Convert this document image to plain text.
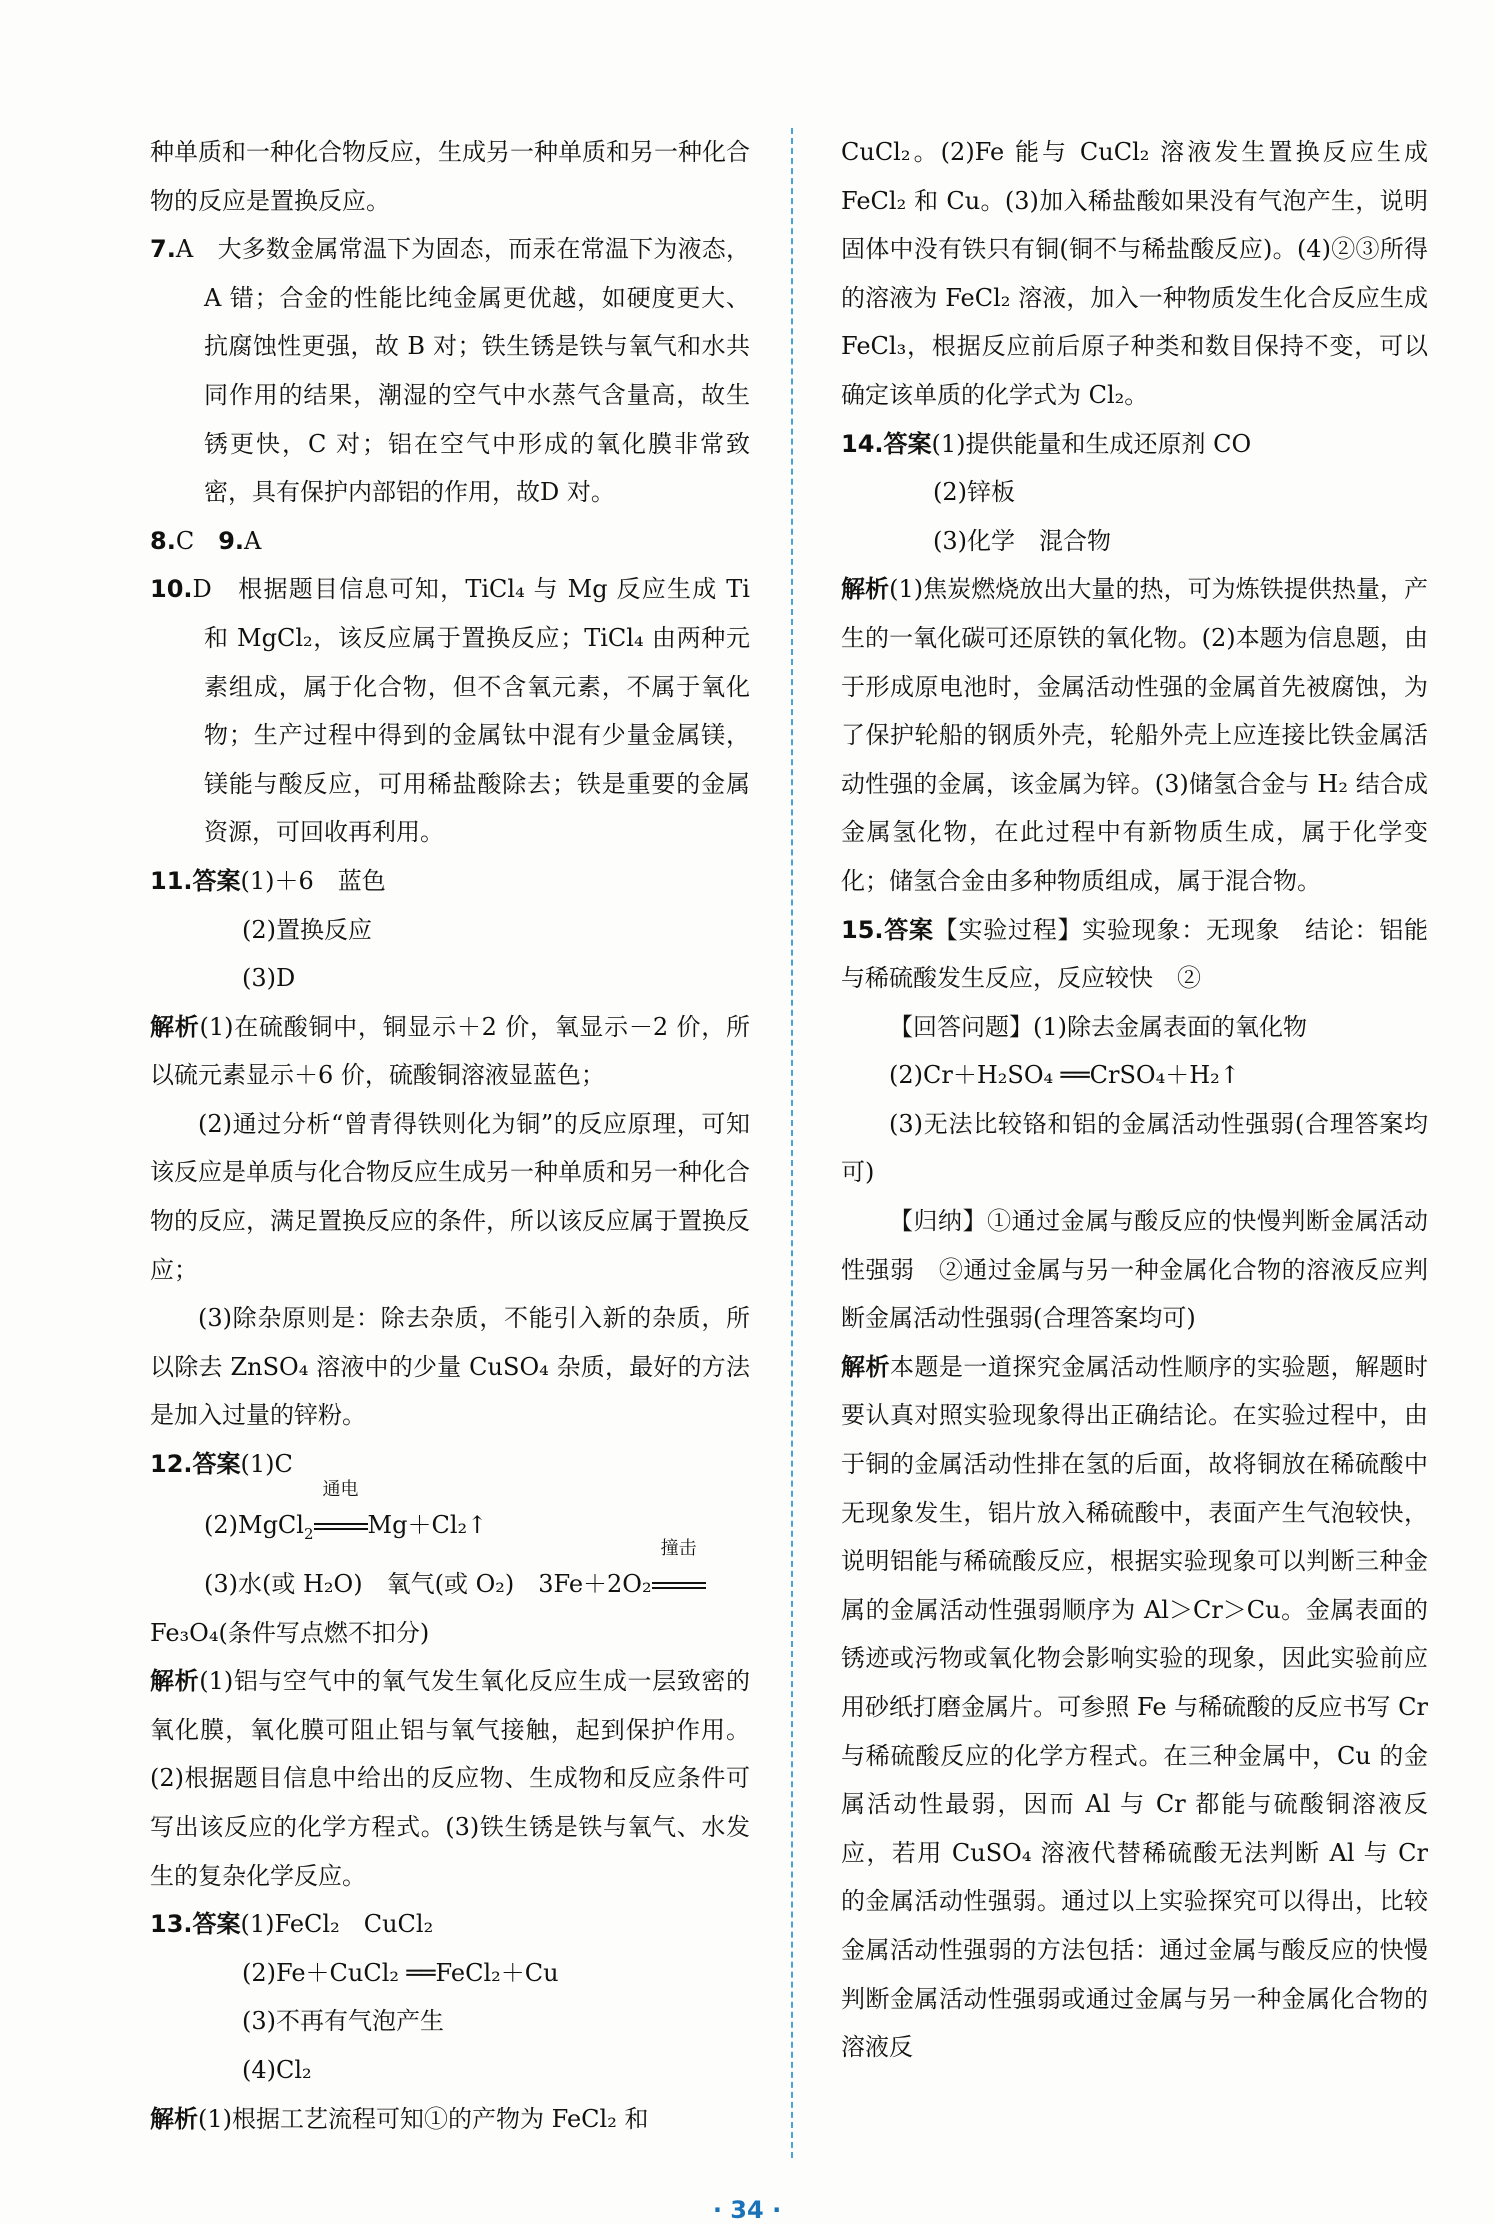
种单质和一种化合物反应，生成另一种单质和另一种化合物的反应是置换反应。

7.A　大多数金属常温下为固态，而汞在常温下为液态，A 错；合金的性能比纯金属更优越，如硬度更大、抗腐蚀性更强，故 B 对；铁生锈是铁与氧气和水共同作用的结果，潮湿的空气中水蒸气含量高，故生锈更快，C 对；铝在空气中形成的氧化膜非常致密，具有保护内部铝的作用，故D 对。

8.C　 9.A

10.D　根据题目信息可知，TiCl₄ 与 Mg 反应生成 Ti 和 MgCl₂，该反应属于置换反应；TiCl₄ 由两种元素组成，属于化合物，但不含氧元素，不属于氧化物；生产过程中得到的金属钛中混有少量金属镁，镁能与酸反应，可用稀盐酸除去；铁是重要的金属资源，可回收再利用。

11.答案(1)＋6　蓝色

(2)置换反应

(3)D

解析(1)在硫酸铜中，铜显示＋2 价，氧显示－2 价，所以硫元素显示＋6 价，硫酸铜溶液显蓝色；

(2)通过分析“曾青得铁则化为铜”的反应原理，可知该反应是单质与化合物反应生成另一种单质和另一种化合物的反应，满足置换反应的条件，所以该反应属于置换反应；

(3)除杂原则是：除去杂质，不能引入新的杂质，所以除去 ZnSO₄ 溶液中的少量 CuSO₄ 杂质，最好的方法是加入过量的锌粉。

12.答案(1)C

(2)MgCl$_2$
通电
Mg＋Cl₂↑

(3)水(或 H₂O)　氧气(或 O₂)　3Fe＋2O₂
撞击

Fe₃O₄(条件写点燃不扣分)

解析(1)铝与空气中的氧气发生氧化反应生成一层致密的氧化膜，氧化膜可阻止铝与氧气接触，起到保护作用。(2)根据题目信息中给出的反应物、生成物和反应条件可写出该反应的化学方程式。(3)铁生锈是铁与氧气、水发生的复杂化学反应。

13.答案(1)FeCl₂　CuCl₂

(2)Fe＋CuCl₂ ══FeCl₂＋Cu

(3)不再有气泡产生

(4)Cl₂

解析(1)根据工艺流程可知①的产物为 FeCl₂ 和

CuCl₂。(2)Fe 能与 CuCl₂ 溶液发生置换反应生成 FeCl₂ 和 Cu。(3)加入稀盐酸如果没有气泡产生，说明固体中没有铁只有铜(铜不与稀盐酸反应)。(4)②③所得的溶液为 FeCl₂ 溶液，加入一种物质发生化合反应生成 FeCl₃，根据反应前后原子种类和数目保持不变，可以确定该单质的化学式为 Cl₂。

14.答案(1)提供能量和生成还原剂 CO

(2)锌板

(3)化学　混合物

解析(1)焦炭燃烧放出大量的热，可为炼铁提供热量，产生的一氧化碳可还原铁的氧化物。(2)本题为信息题，由于形成原电池时，金属活动性强的金属首先被腐蚀，为了保护轮船的钢质外壳，轮船外壳上应连接比铁金属活动性强的金属，该金属为锌。(3)储氢合金与 H₂ 结合成金属氢化物，在此过程中有新物质生成，属于化学变化；储氢合金由多种物质组成，属于混合物。

15.答案【实验过程】实验现象：无现象　结论：铝能与稀硫酸发生反应，反应较快　②

【回答问题】(1)除去金属表面的氧化物

(2)Cr＋H₂SO₄ ══CrSO₄＋H₂↑

(3)无法比较铬和铝的金属活动性强弱(合理答案均可)

【归纳】①通过金属与酸反应的快慢判断金属活动性强弱　②通过金属与另一种金属化合物的溶液反应判断金属活动性强弱(合理答案均可)

解析本题是一道探究金属活动性顺序的实验题，解题时要认真对照实验现象得出正确结论。在实验过程中，由于铜的金属活动性排在氢的后面，故将铜放在稀硫酸中无现象发生，铝片放入稀硫酸中，表面产生气泡较快，说明铝能与稀硫酸反应，根据实验现象可以判断三种金属的金属活动性强弱顺序为 Al＞Cr＞Cu。金属表面的锈迹或污物或氧化物会影响实验的现象，因此实验前应用砂纸打磨金属片。可参照 Fe 与稀硫酸的反应书写 Cr 与稀硫酸反应的化学方程式。在三种金属中，Cu 的金属活动性最弱，因而 Al 与 Cr 都能与硫酸铜溶液反应，若用 CuSO₄ 溶液代替稀硫酸无法判断 Al 与 Cr 的金属活动性强弱。通过以上实验探究可以得出，比较金属活动性强弱的方法包括：通过金属与酸反应的快慢判断金属活动性强弱或通过金属与另一种金属化合物的溶液反

· 34 ·
